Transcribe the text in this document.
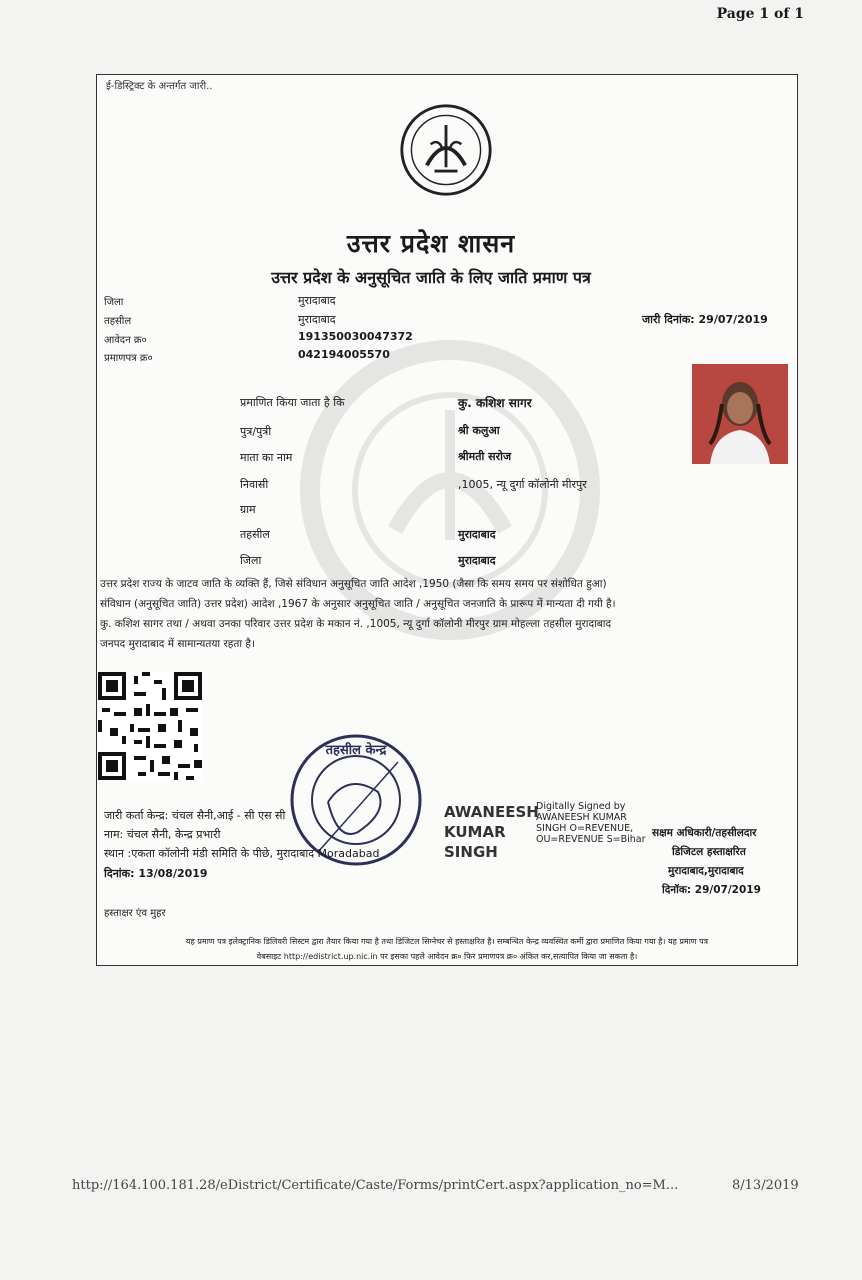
Page 1 of 1
ई-डिस्ट्रिक्ट के अन्तर्गत जारी..
उत्तर प्रदेश शासन
उत्तर प्रदेश के अनुसूचित जाति के लिए जाति प्रमाण पत्र
जिला	मुरादाबाद
तहसील	मुरादाबाद
आवेदन क्र०	191350030047372
प्रमाणपत्र क्र०	042194005570
जारी दिनांक: 29/07/2019
प्रमाणित किया जाता है कि	कु. कशिश सागर
पुत्र/पुत्री	श्री कलुआ
माता का नाम	श्रीमती सरोज
निवासी	,1005, न्यू दुर्गा कॉलोनी मीरपुर
ग्राम
तहसील	मुरादाबाद
जिला	मुरादाबाद
उत्तर प्रदेश राज्य के जाटव जाति के व्यक्ति हैं, जिसे संविधान अनुसूचित जाति आदेश ,1950 (जैसा कि समय समय पर संशोधित हुआ)
संविधान (अनुसूचित जाति) उत्तर प्रदेश) आदेश ,1967 के अनुसार अनुसूचित जाति / अनुसूचित जनजाति के प्रारूप में मान्यता दी गयी है।
कु. कशिश सागर तथा / अथवा उनका परिवार उत्तर प्रदेश के मकान नं. ,1005, न्यू दुर्गा कॉलोनी मीरपुर ग्राम मोहल्ला तहसील मुरादाबाद
जनपद मुरादाबाद में सामान्यतया रहता है।
तहसील केन्द्र
जारी कर्ता केन्द्र: चंचल सैनी,आई - सी एस सी
नाम: चंचल सैनी, केन्द्र प्रभारी
स्थान :एकता कॉलोनी मंडी समिति के पीछे, मुरादाबाद Moradabad
दिनांक: 13/08/2019
AWANEESH KUMAR SINGH
Digitally Signed by
AWANEESH KUMAR
SINGH O=REVENUE,
OU=REVENUE S=Bihar
सक्षम अधिकारी/तहसीलदार
डिजिटल हस्ताक्षरित
मुरादाबाद,मुरादाबाद
दिनॉक: 29/07/2019
हस्ताक्षर एंव मुहर
यह प्रमाण पत्र इलेक्ट्रानिक डिलिवरी सिस्टम द्वारा तैयार किया गया है तथा डिजिटल सिग्नेचर से हस्ताक्षरित है। सम्बन्धित केन्द्र व्यवस्थित कर्मी द्वारा प्रमाणित किया गया है। यह प्रमाण पत्र
वेबसाइट http://edistrict.up.nic.in पर इसका पहले आवेदन क्र० फिर प्रमाणपत्र क्र० अंकित कर,सत्यापित किया जा सकता है।
http://164.100.181.28/eDistrict/Certificate/Caste/Forms/printCert.aspx?application_no=M...	8/13/2019
